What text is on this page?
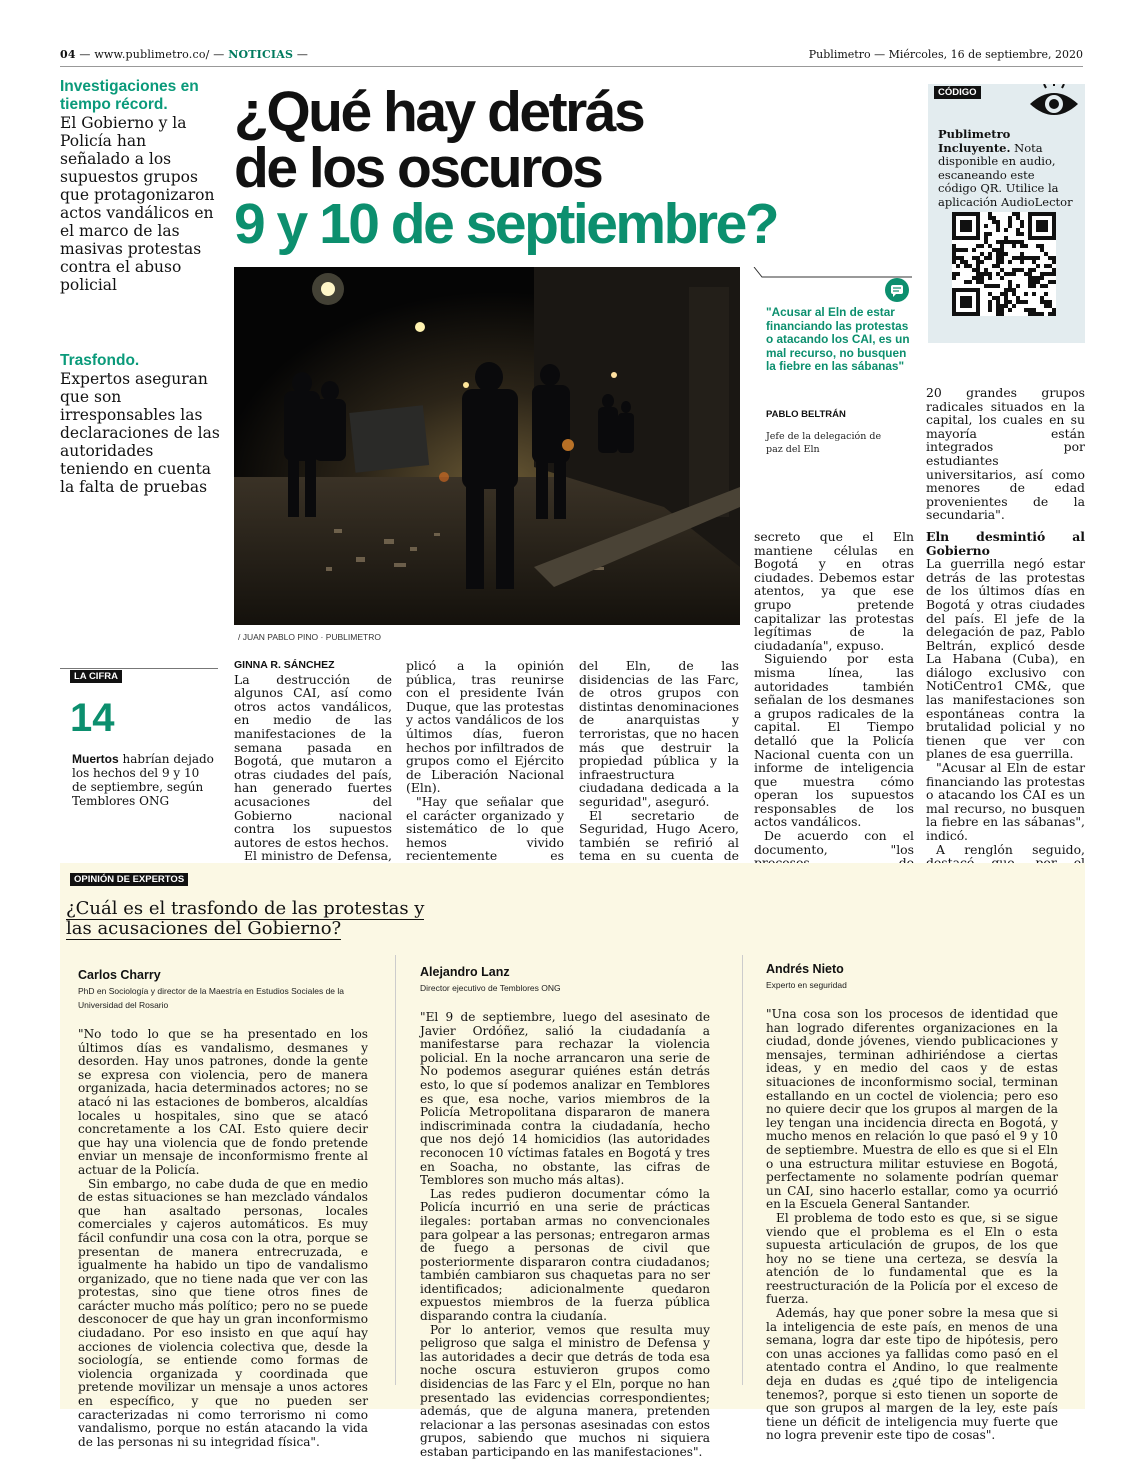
04 — www.publimetro.co/ — NOTICIAS —	Publimetro — Miércoles, 16 de septiembre, 2020
Investigaciones en tiempo récord.
El Gobierno y la Policía han señalado a los supuestos grupos que protagonizaron actos vandálicos en el marco de las masivas protestas contra el abuso policial
Trasfondo.
Expertos aseguran que son irresponsables las declaraciones de las autoridades teniendo en cuenta la falta de pruebas
¿Qué hay detrás
de los oscuros
9 y 10 de septiembre?
CÓDIGO
Publimetro Incluyente. Nota disponible en audio, escaneando este código QR. Utilice la aplicación AudioLector
/ JUAN PABLO PINO · PUBLIMETRO
"Acusar al Eln de estar financiando las protestas o atacando los CAI, es un mal recurso, no busquen la fiebre en las sábanas"
PABLO BELTRÁN
Jefe de la delegación de paz del Eln
LA CIFRA
14
Muertos habrían dejado los hechos del 9 y 10 de septiembre, según Temblores ONG
GINNA R. SÁNCHEZ

La destrucción de algunos CAI, así como otros actos vandálicos, en medio de las manifestaciones de la semana pasada en Bogotá, que mutaron a otras ciudades del país, han generado fuertes acusaciones del Gobierno nacional contra los supuestos autores de estos hechos.

El ministro de Defensa,

plicó a la opinión pública, tras reunirse con el presidente Iván Duque, que las protestas y actos vandálicos de los últimos días, fueron hechos por infiltrados de grupos como el Ejército de Liberación Nacional (Eln).

"Hay que señalar que el carácter organizado y sistemático de lo que hemos vivido recientemente es

del Eln, de las disidencias de las Farc, de otros grupos con distintas denominaciones de anarquistas y terroristas, que no hacen más que destruir la propiedad pública y la infraestructura ciudadana dedicada a la seguridad", aseguró.

El secretario de Seguridad, Hugo Acero, también se refirió al tema en su cuenta de

secreto que el Eln mantiene células en Bogotá y en otras ciudades. Debemos estar atentos, ya que ese grupo pretende capitalizar las protestas legítimas de la ciudadanía", expuso.

Siguiendo por esta misma línea, las autoridades también señalan de los desmanes a grupos radicales de la capital. El Tiempo detalló que la Policía Nacional cuenta con un informe de inteligencia que muestra cómo operan los supuestos responsables de los actos vandálicos.

De acuerdo con el documento, "los

20 grandes grupos radicales situados en la capital, los cuales en su mayoría están integrados por estudiantes universitarios, así como menores de edad provenientes de la secundaria".

Eln desmintió al Gobierno

La guerrilla negó estar detrás de las protestas de los últimos días en Bogotá y otras ciudades del país. El jefe de la delegación de paz, Pablo Beltrán, explicó desde La Habana (Cuba), en diálogo exclusivo con NotiCentro1 CM&, que las manifestaciones son espontáneas contra la brutalidad policial y no tienen que ver con planes de esa guerrilla.

"Acusar al Eln de estar financiando las protestas o atacando los CAI es un mal recurso, no busquen la fiebre en las sábanas", indicó.

A renglón seguido,

OPINIÓN DE EXPERTOS
¿Cuál es el trasfondo de las protestas y
las acusaciones del Gobierno?
Carlos Charry
PhD en Sociología y director de la Maestría en Estudios Sociales de la Universidad del Rosario

"No todo lo que se ha presentado en los últimos días es vandalismo, desmanes y desorden. Hay unos patrones, donde la gente se expresa con violencia, pero de manera organizada, hacia determinados actores; no se atacó ni las estaciones de bomberos, alcaldías locales u hospitales, sino que se atacó concretamente a los CAI. Esto quiere decir que hay una violencia que de fondo pretende enviar un mensaje de inconformismo frente al actuar de la Policía.

Sin embargo, no cabe duda de que en medio de estas situaciones se han mezclado vándalos que han asaltado personas, locales comerciales y cajeros automáticos. Es muy fácil confundir una cosa con la otra, porque se presentan de manera entrecruzada, e igualmente ha habido un tipo de vandalismo organizado, que no tiene nada que ver con las protestas, sino que tiene otros fines de carácter mucho más político; pero no se puede desconocer de que hay un gran inconformismo ciudadano. Por eso insisto en que aquí hay acciones de violencia colectiva que, desde la sociología, se entiende como formas de violencia organizada y coordinada que pretende movilizar un mensaje a unos actores en específico, y que no pueden ser caracterizadas ni como terrorismo ni como vandalismo, porque no están atacando la vida de las personas ni su integridad física".

Alejandro Lanz
Director ejecutivo de Temblores ONG

"El 9 de septiembre, luego del asesinato de Javier Ordóñez, salió la ciudadanía a manifestarse para rechazar la violencia policial. En la noche arrancaron una serie de No podemos asegurar quiénes están detrás esto, lo que sí podemos analizar en Temblores es que, esa noche, varios miembros de la Policía Metropolitana dispararon de manera indiscriminada contra la ciudadanía, hecho que nos dejó 14 homicidios (las autoridades reconocen 10 víctimas fatales en Bogotá y tres en Soacha, no obstante, las cifras de Temblores son mucho más altas).

Las redes pudieron documentar cómo la Policía incurrió en una serie de prácticas ilegales: portaban armas no convencionales para golpear a las personas; entregaron armas de fuego a personas de civil que posteriormente dispararon contra ciudadanos; también cambiaron sus chaquetas para no ser identificados; adicionalmente quedaron expuestos miembros de la fuerza pública disparando contra la ciudanía.

Por lo anterior, vemos que resulta muy peligroso que salga el ministro de Defensa y las autoridades a decir que detrás de toda esa noche oscura estuvieron grupos como disidencias de las Farc y el Eln, porque no han presentado las evidencias correspondientes; además, que de alguna manera, pretenden relacionar a las personas asesinadas con estos grupos, sabiendo que muchos ni siquiera estaban participando en las manifestaciones".

Andrés Nieto
Experto en seguridad

"Una cosa son los procesos de identidad que han logrado diferentes organizaciones en la ciudad, donde jóvenes, viendo publicaciones y mensajes, terminan adhiriéndose a ciertas ideas, y en medio del caos y de estas situaciones de inconformismo social, terminan estallando en un coctel de violencia; pero eso no quiere decir que los grupos al margen de la ley tengan una incidencia directa en Bogotá, y mucho menos en relación lo que pasó el 9 y 10 de septiembre. Muestra de ello es que si el Eln o una estructura militar estuviese en Bogotá, perfectamente no solamente podrían quemar un CAI, sino hacerlo estallar, como ya ocurrió en la Escuela General Santander.

El problema de todo esto es que, si se sigue viendo que el problema es el Eln o esta supuesta articulación de grupos, de los que hoy no se tiene una certeza, se desvía la atención de lo fundamental que es la reestructuración de la Policía por el exceso de fuerza.

Además, hay que poner sobre la mesa que si la inteligencia de este país, en menos de una semana, logra dar este tipo de hipótesis, pero con unas acciones ya fallidas como pasó en el atentado contra el Andino, lo que realmente deja en dudas es ¿qué tipo de inteligencia tenemos?, porque si esto tienen un soporte de que son grupos al margen de la ley, este país tiene un déficit de inteligencia muy fuerte que no logra prevenir este tipo de cosas".
